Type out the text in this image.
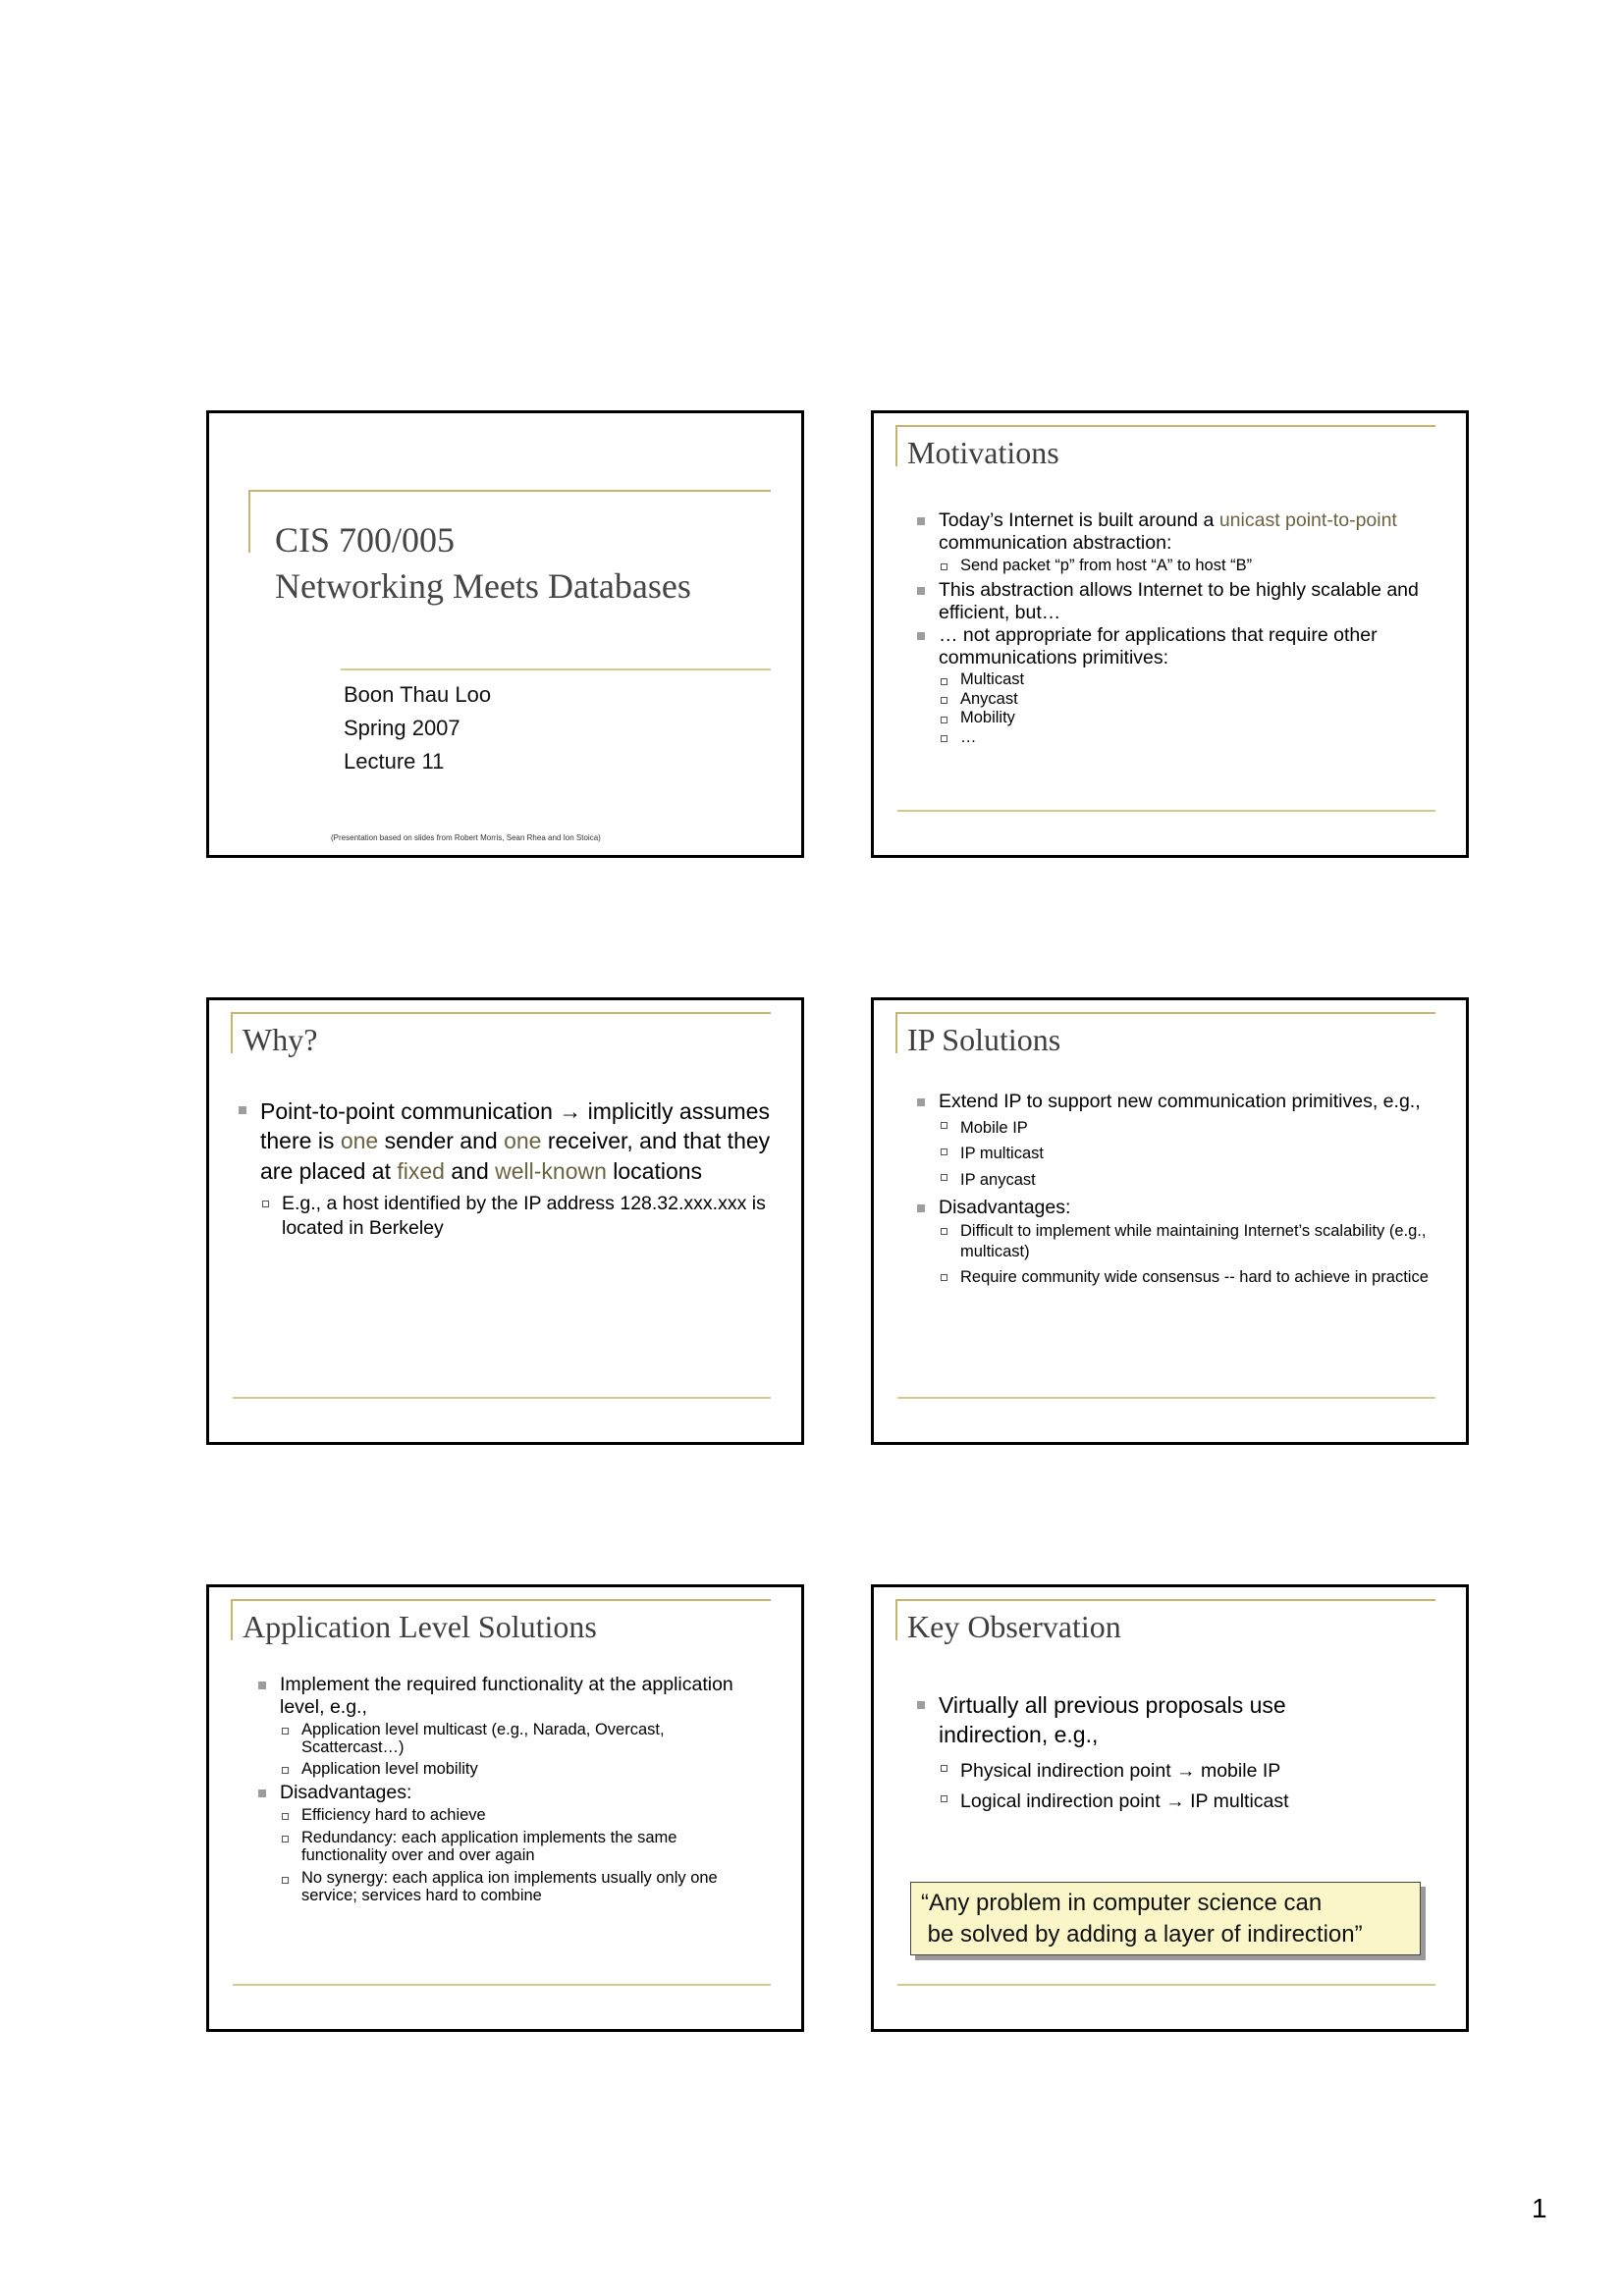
CIS 700/005
Networking Meets Databases
Boon Thau Loo
Spring 2007
Lecture 11
(Presentation based on slides from Robert Morris, Sean Rhea and Ion Stoica)
Motivations
Today’s Internet is built around a unicast point-to-point communication abstraction:
Send packet “p” from host “A” to host “B”
This abstraction allows Internet to be highly scalable and efficient, but…
… not appropriate for applications that require other communications primitives:
Multicast
Anycast
Mobility
…
Why?
Point-to-point communication → implicitly assumes there is one sender and one receiver, and that they are placed at fixed and well-known locations
E.g., a host identified by the IP address 128.32.xxx.xxx is located in Berkeley
IP Solutions
Extend IP to support new communication primitives, e.g.,
Mobile IP
IP multicast
IP anycast
Disadvantages:
Difficult to implement while maintaining Internet’s scalability (e.g., multicast)
Require community wide consensus -- hard to achieve in practice
Application Level Solutions
Implement the required functionality at the application level, e.g.,
Application level multicast (e.g., Narada, Overcast, Scattercast…)
Application level mobility
Disadvantages:
Efficiency hard to achieve
Redundancy: each application implements the same functionality over and over again
No synergy: each applica ion implements usually only one service; services hard to combine
Key Observation
Virtually all previous proposals use indirection, e.g.,
Physical indirection point → mobile IP
Logical indirection point → IP multicast
“Any problem in computer science can
be solved by adding a layer of indirection”
1
